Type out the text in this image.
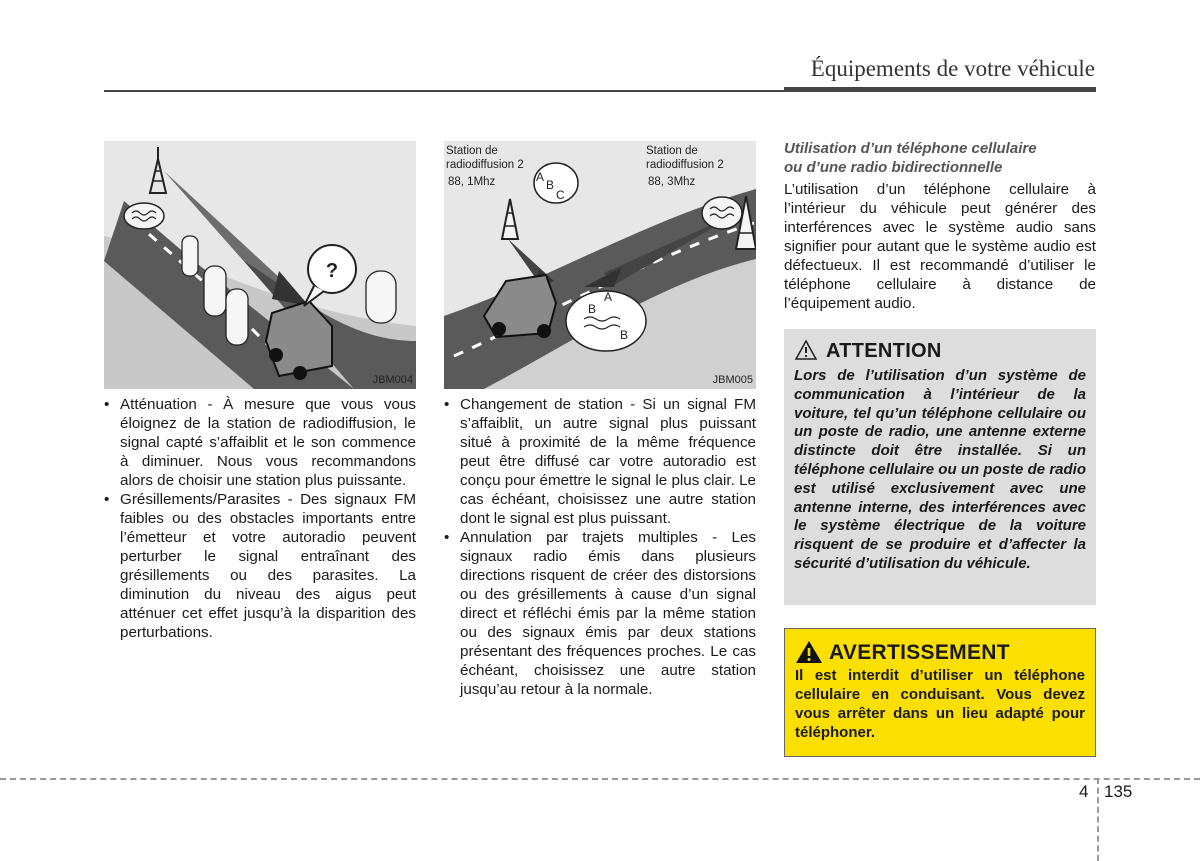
Équipements de votre véhicule
?
JBM004
A
B
C
A
B
B
Station de
radiodiffusion 2
88, 1Mhz
Station de
radiodiffusion 2
88, 3Mhz
JBM005
• Atténuation - À mesure que vous vous éloignez de la station de radiodiffusion, le signal capté s’affaiblit et le son commence à diminuer. Nous vous recommandons alors de choisir une station plus puissante.
• Grésillements/Parasites - Des signaux FM faibles ou des obstacles importants entre l’émetteur et votre autoradio peuvent perturber le signal entraînant des grésillements ou des parasites. La diminution du niveau des aigus peut atténuer cet effet jusqu’à la disparition des perturbations.
• Changement de station - Si un signal FM s’affaiblit, un autre signal plus puissant situé à proximité de la même fréquence peut être diffusé car votre autoradio est conçu pour émettre le signal le plus clair. Le cas échéant, choisissez une autre station dont le signal est plus puissant.
• Annulation par trajets multiples - Les signaux radio émis dans plusieurs directions risquent de créer des distorsions ou des grésillements à cause d’un signal direct et réfléchi émis par la même station ou des signaux émis par deux stations présentant des fréquences proches. Le cas échéant, choisissez une autre station jusqu’au retour à la normale.
Utilisation d’un téléphone cellulaire
ou d’une radio bidirectionnelle
L’utilisation d’un téléphone cellulaire à l’intérieur du véhicule peut générer des interférences avec le système audio sans signifier pour autant que le système audio est défectueux. Il est recommandé d’utiliser le téléphone cellulaire à distance de l’équipement audio.
ATTENTION
Lors de l’utilisation d’un système de communication à l’intérieur de la voiture, tel qu’un téléphone cellulaire ou un poste de radio, une antenne externe distincte doit être installée. Si un téléphone cellulaire ou un poste de radio est utilisé exclusivement avec une antenne interne, des interférences avec le système électrique de la voiture risquent de se produire et d’affecter la sécurité d’utilisation du véhicule.
AVERTISSEMENT
Il est interdit d’utiliser un téléphone cellulaire en conduisant. Vous devez vous arrêter dans un lieu adapté pour téléphoner.
4 135
